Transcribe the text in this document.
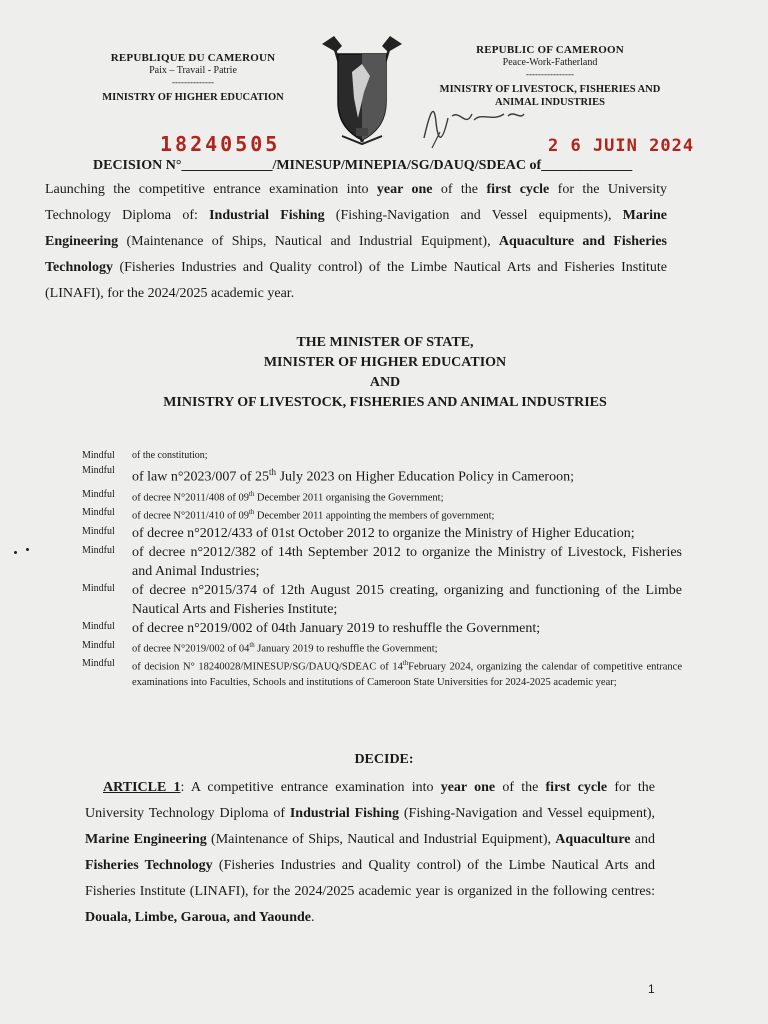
REPUBLIQUE DU CAMEROUN
Paix – Travail - Patrie
--------------
MINISTRY OF HIGHER EDUCATION
REPUBLIC OF CAMEROON
Peace-Work-Fatherland
----------------
MINISTRY OF LIVESTOCK, FISHERIES AND
ANIMAL INDUSTRIES
18240505	2 6 JUIN 2024
DECISION N°_____________/MINESUP/MINEPIA/SG/DAUQ/SDEAC of_____________
Launching the competitive entrance examination into year one of the first cycle for the University Technology Diploma of: Industrial Fishing (Fishing-Navigation and Vessel equipments), Marine Engineering (Maintenance of Ships, Nautical and Industrial Equipment), Aquaculture and Fisheries Technology (Fisheries Industries and Quality control) of the Limbe Nautical Arts and Fisheries Institute (LINAFI), for the 2024/2025 academic year.
THE MINISTER OF STATE,
MINISTER OF HIGHER EDUCATION
AND
MINISTRY OF LIVESTOCK, FISHERIES AND ANIMAL INDUSTRIES
Mindful	of the constitution;
Mindful	of law n°2023/007 of 25th July 2023 on Higher Education Policy in Cameroon;
Mindful	of decree N°2011/408 of 09th December 2011 organising the Government;
Mindful	of decree N°2011/410 of 09th December 2011 appointing the members of government;
Mindful	of decree n°2012/433 of 01st October 2012 to organize the Ministry of Higher Education;
Mindful	of decree n°2012/382 of 14th September 2012 to organize the Ministry of Livestock, Fisheries and Animal Industries;
Mindful	of decree n°2015/374 of 12th August 2015 creating, organizing and functioning of the Limbe Nautical Arts and Fisheries Institute;
Mindful	of decree n°2019/002 of 04th January 2019 to reshuffle the Government;
Mindful	of decree N°2019/002 of 04th January 2019 to reshuffle the Government;
Mindful	of decision N° 18240028/MINESUP/SG/DAUQ/SDEAC of 14thFebruary 2024, organizing the calendar of competitive entrance examinations into Faculties, Schools and institutions of Cameroon State Universities for 2024-2025 academic year;
DECIDE:
ARTICLE 1: A competitive entrance examination into year one of the first cycle for the University Technology Diploma of Industrial Fishing (Fishing-Navigation and Vessel equipment), Marine Engineering (Maintenance of Ships, Nautical and Industrial Equipment), Aquaculture and Fisheries Technology (Fisheries Industries and Quality control) of the Limbe Nautical Arts and Fisheries Institute (LINAFI), for the 2024/2025 academic year is organized in the following centres: Douala, Limbe, Garoua, and Yaounde.
1
